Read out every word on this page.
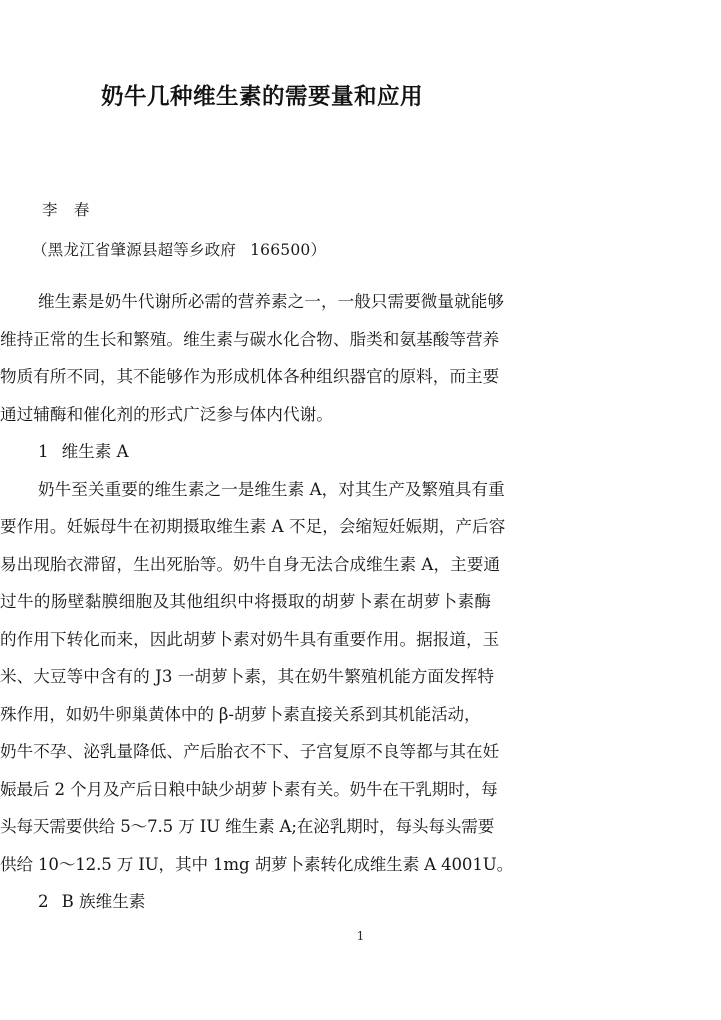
奶牛几种维生素的需要量和应用
李 春
（黑龙江省肇源县超等乡政府 166500）
维生素是奶牛代谢所必需的营养素之一，一般只需要微量就能够
维持正常的生长和繁殖。维生素与碳水化合物、脂类和氨基酸等营养
物质有所不同，其不能够作为形成机体各种组织器官的原料，而主要
通过辅酶和催化剂的形式广泛参与体内代谢。
1 维生素 A
奶牛至关重要的维生素之一是维生素 A，对其生产及繁殖具有重
要作用。妊娠母牛在初期摄取维生素 A 不足，会缩短妊娠期，产后容
易出现胎衣滞留，生出死胎等。奶牛自身无法合成维生素 A，主要通
过牛的肠壁黏膜细胞及其他组织中将摄取的胡萝卜素在胡萝卜素酶
的作用下转化而来，因此胡萝卜素对奶牛具有重要作用。据报道，玉
米、大豆等中含有的 J3 一胡萝卜素，其在奶牛繁殖机能方面发挥特
殊作用，如奶牛卵巢黄体中的 β-胡萝卜素直接关系到其机能活动，
奶牛不孕、泌乳量降低、产后胎衣不下、子宫复原不良等都与其在妊
娠最后 2 个月及产后日粮中缺少胡萝卜素有关。奶牛在干乳期时，每
头每天需要供给 5～7.5 万 IU 维生素 A;在泌乳期时，每头每头需要
供给 10～12.5 万 IU，其中 1mg 胡萝卜素转化成维生素 A 4001U。
2 B 族维生素
1
